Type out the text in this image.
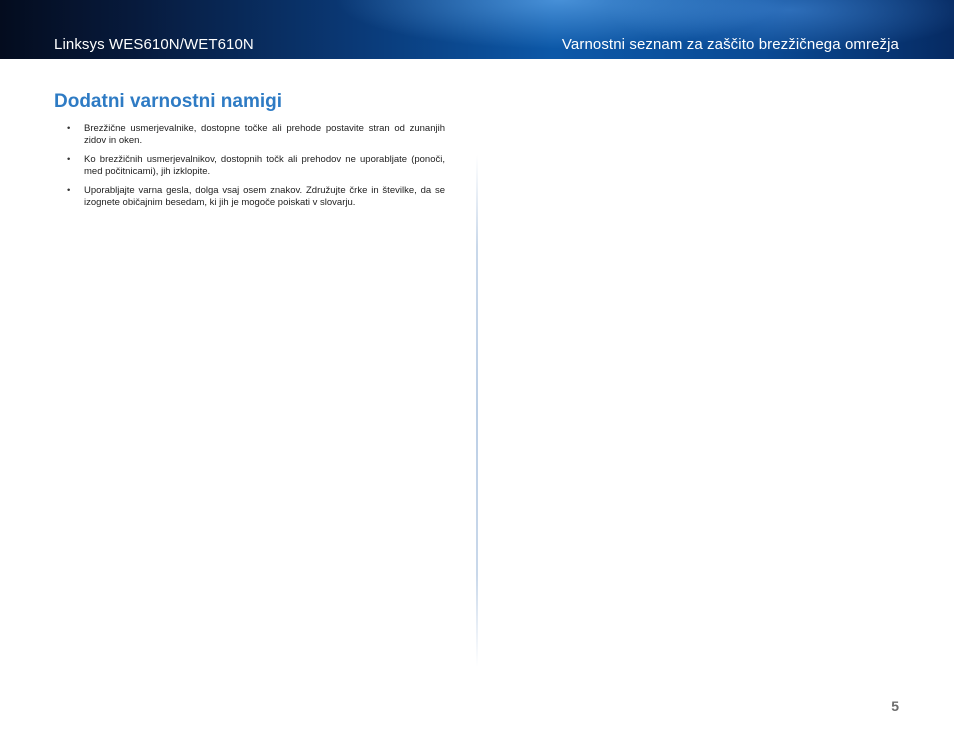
Linksys WES610N/WET610N	Varnostni seznam za zaščito brezžičnega omrežja
Dodatni varnostni namigi
• Brezžične usmerjevalnike, dostopne točke ali prehode postavite stran od zunanjih zidov in oken.
• Ko brezžičnih usmerjevalnikov, dostopnih točk ali prehodov ne uporabljate (ponoči, med počitnicami), jih izklopite.
• Uporabljajte varna gesla, dolga vsaj osem znakov. Združujte črke in številke, da se izognete običajnim besedam, ki jih je mogoče poiskati v slovarju.
5
